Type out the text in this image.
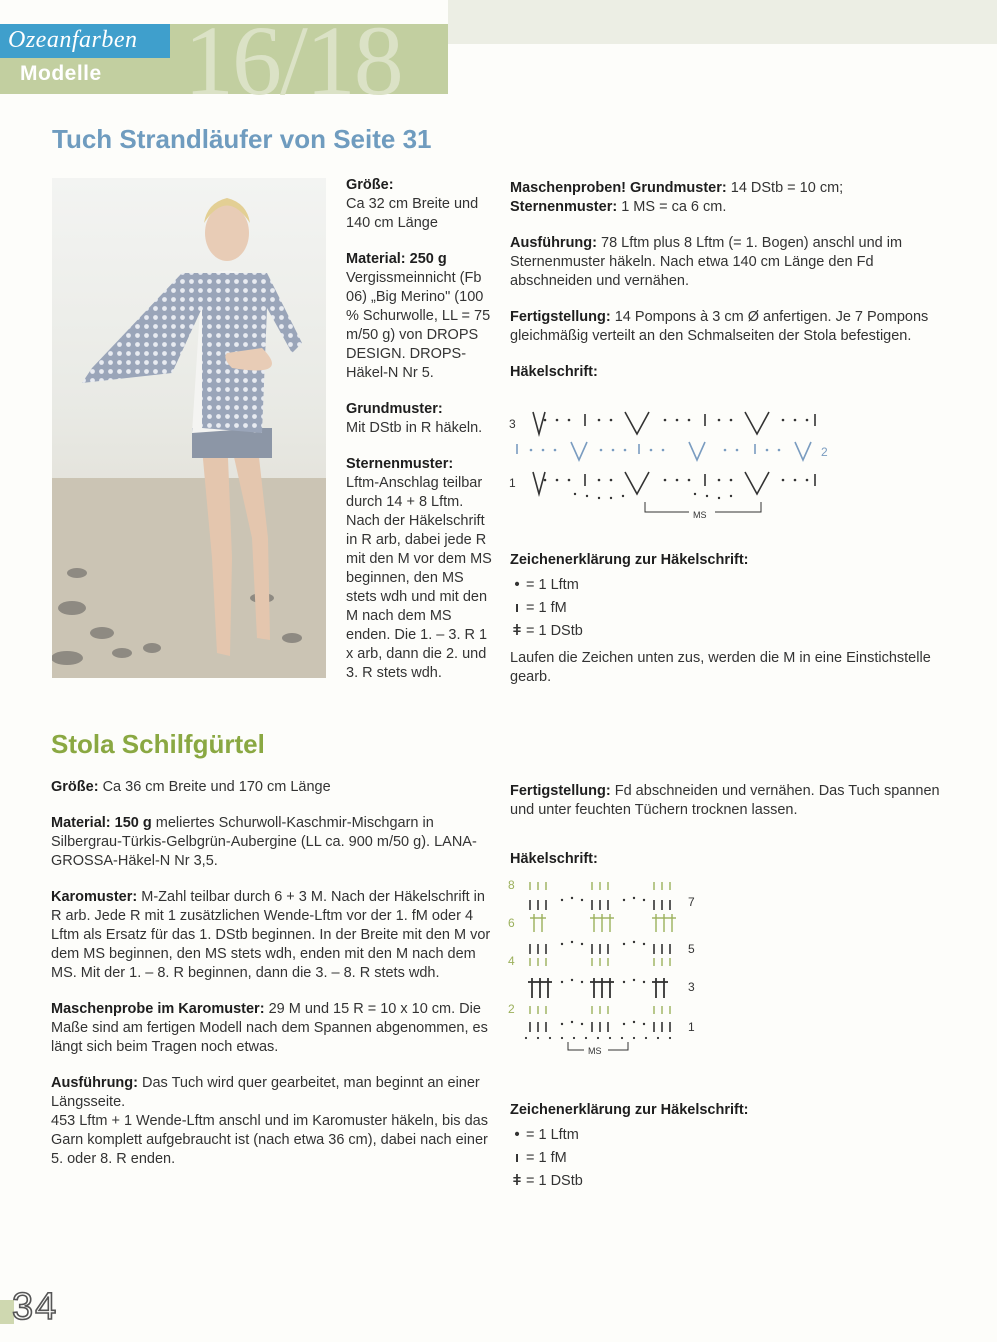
Ozeanfarben
Modelle 16/18
Tuch Strandläufer von Seite 31
Größe:
Ca 32 cm Breite und 140 cm Länge
Material: 250 g
Vergissmeinnicht (Fb 06) „Big Merino" (100 % Schurwolle, LL = 75 m/50 g) von DROPS DESIGN. DROPS-Häkel-N Nr 5.
Grundmuster:
Mit DStb in R häkeln.
Sternenmuster:
Lftm-Anschlag teilbar durch 14 + 8 Lftm. Nach der Häkelschrift in R arb, dabei jede R mit den M vor dem MS beginnen, den MS stets wdh und mit den M nach dem MS enden. Die 1. – 3. R 1 x arb, dann die 2. und 3. R stets wdh.
Maschenproben! Grundmuster: 14 DStb = 10 cm;
Sternenmuster: 1 MS = ca 6 cm.
Ausführung: 78 Lftm plus 8 Lftm (= 1. Bogen) anschl und im Sternenmuster häkeln. Nach etwa 140 cm Länge den Fd abschneiden und vernähen.
Fertigstellung: 14 Pompons à 3 cm Ø anfertigen. Je 7 Pompons gleichmäßig verteilt an den Schmalseiten der Stola befestigen.
Häkelschrift:
3
2
1
MS
Zeichenerklärung zur Häkelschrift:
• = 1 Lftm
ı = 1 fM
ǂ = 1 DStb
Laufen die Zeichen unten zus, werden die M in eine Einstichstelle gearb.
Stola Schilfgürtel
Größe: Ca 36 cm Breite und 170 cm Länge
Material: 150 g meliertes Schurwoll-Kaschmir-Mischgarn in Silbergrau-Türkis-Gelbgrün-Aubergine (LL ca. 900 m/50 g). LANA-GROSSA-Häkel-N Nr 3,5.
Karomuster: M-Zahl teilbar durch 6 + 3 M. Nach der Häkelschrift in R arb. Jede R mit 1 zusätzlichen Wende-Lftm vor der 1. fM oder 4 Lftm als Ersatz für das 1. DStb beginnen. In der Breite mit den M vor dem MS beginnen, den MS stets wdh, enden mit den M nach dem MS. Mit der 1. – 8. R beginnen, dann die 3. – 8. R stets wdh.
Maschenprobe im Karomuster: 29 M und 15 R = 10 x 10 cm. Die Maße sind am fertigen Modell nach dem Spannen abgenommen, es längt sich beim Tragen noch etwas.
Ausführung: Das Tuch wird quer gearbeitet, man beginnt an einer Längsseite.
453 Lftm + 1 Wende-Lftm anschl und im Karomuster häkeln, bis das Garn komplett aufgebraucht ist (nach etwa 36 cm), dabei nach einer 5. oder 8. R enden.
Fertigstellung: Fd abschneiden und vernähen. Das Tuch spannen und unter feuchten Tüchern trocknen lassen.
Häkelschrift:
8
6
4
2
7
5
3
1
MS
Zeichenerklärung zur Häkelschrift:
• = 1 Lftm
ı = 1 fM
ǂ = 1 DStb
34
